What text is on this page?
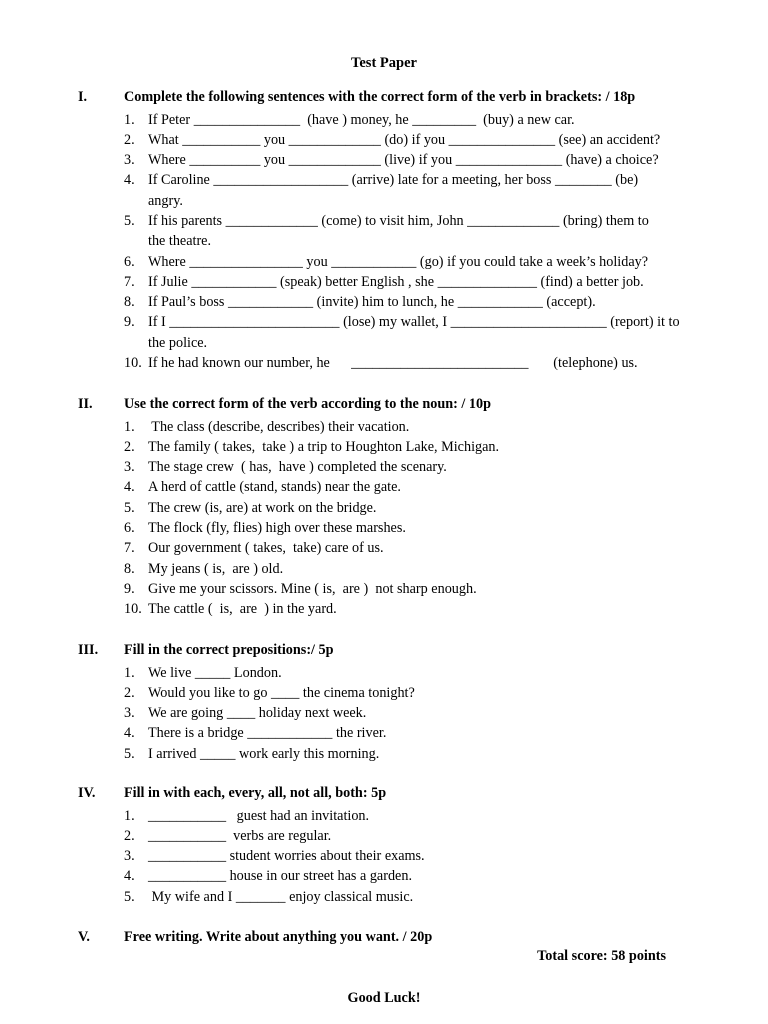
Test Paper
I.	Complete the following sentences with the correct form of the verb in brackets: / 18p
1. If Peter _______________  (have ) money, he _________  (buy) a new car.
2. What ___________ you _____________ (do) if you _______________ (see) an accident?
3. Where __________ you _____________ (live) if you _______________ (have) a choice?
4. If Caroline ___________________ (arrive) late for a meeting, her boss ________ (be)
angry.
5. If his parents _____________ (come) to visit him, John _____________ (bring) them to
the theatre.
6. Where ________________ you ____________ (go) if you could take a week’s holiday?
7. If Julie ____________ (speak) better English , she ______________ (find) a better job.
8. If Paul’s boss ____________ (invite) him to lunch, he ____________ (accept).
9. If I ________________________ (lose) my wallet, I ______________________ (report) it to
the police.
10. If he had known our number, he      _________________________       (telephone) us.
II. Use the correct form of the verb according to the noun: / 10p
1. The class (describe, describes) their vacation.
2. The family ( takes,  take ) a trip to Houghton Lake, Michigan.
3. The stage crew  ( has,  have ) completed the scenary.
4. A herd of cattle (stand, stands) near the gate.
5. The crew (is, are) at work on the bridge.
6. The flock (fly, flies) high over these marshes.
7. Our government ( takes,  take) care of us.
8. My jeans ( is,  are ) old.
9. Give me your scissors. Mine ( is,  are )  not sharp enough.
10. The cattle (  is,  are  ) in the yard.
III. Fill in the correct prepositions:/ 5p
1. We live _____ London.
2. Would you like to go ____ the cinema tonight?
3. We are going ____ holiday next week.
4. There is a bridge ____________ the river.
5. I arrived _____ work early this morning.
IV. Fill in with each, every, all, not all, both: 5p
1. ___________   guest had an invitation.
2. ___________  verbs are regular.
3. ___________ student worries about their exams.
4. ___________ house in our street has a garden.
5. My wife and I _______ enjoy classical music.
V. Free writing. Write about anything you want. / 20p
Total score: 58 points
Good Luck!
